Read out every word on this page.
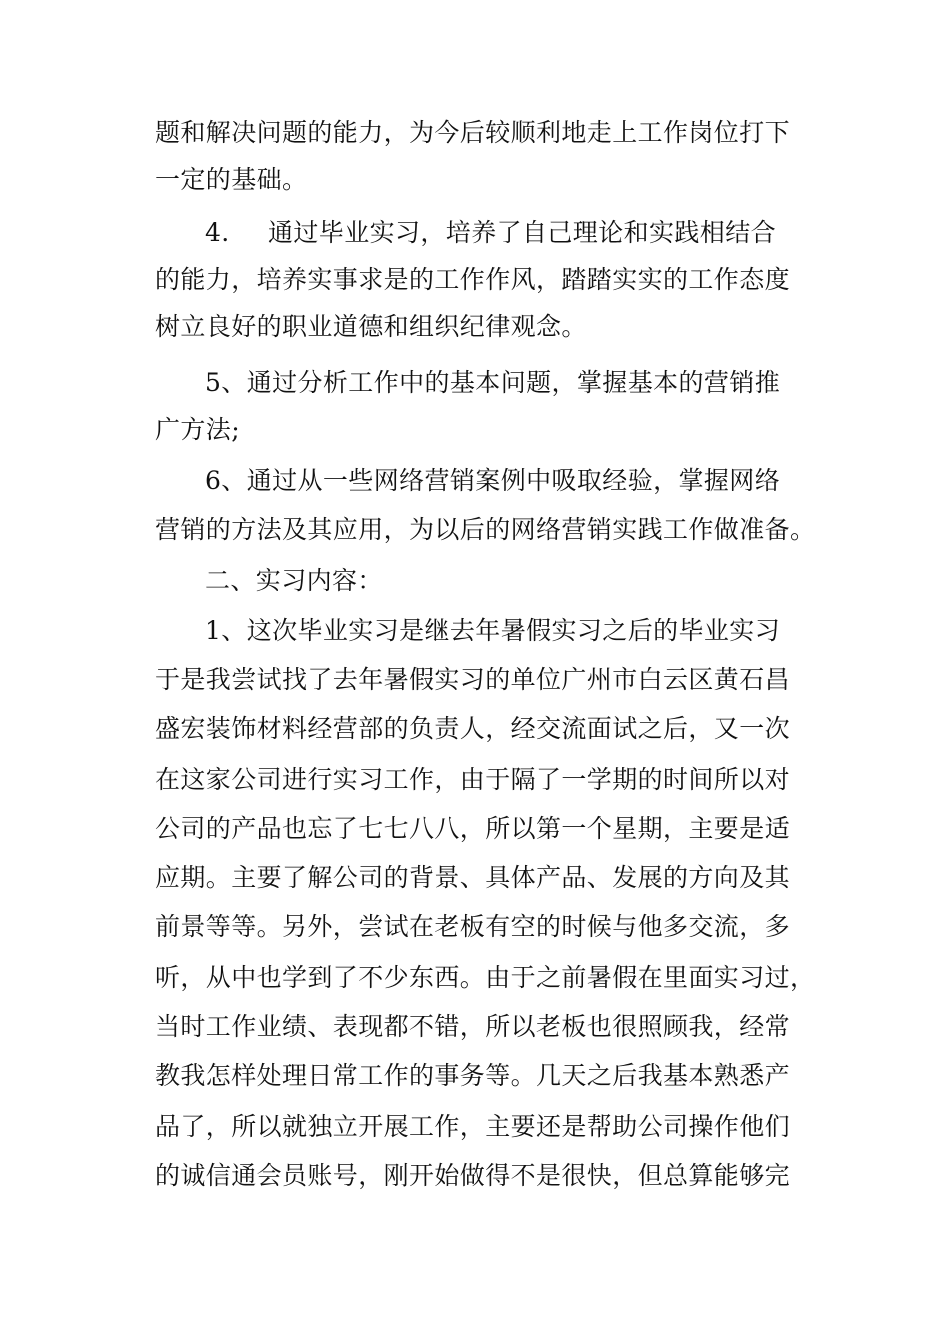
题和解决问题的能力，为今后较顺利地走上工作岗位打下
一定的基础。
4. 通过毕业实习，培养了自己理论和实践相结合
的能力，培养实事求是的工作作风，踏踏实实的工作态度
树立良好的职业道德和组织纪律观念。
5、通过分析工作中的基本问题，掌握基本的营销推
广方法;
6、通过从一些网络营销案例中吸取经验，掌握网络
营销的方法及其应用，为以后的网络营销实践工作做准备。
二、实习内容：
1、这次毕业实习是继去年暑假实习之后的毕业实习
于是我尝试找了去年暑假实习的单位广州市白云区黄石昌
盛宏装饰材料经营部的负责人，经交流面试之后，又一次
在这家公司进行实习工作，由于隔了一学期的时间所以对
公司的产品也忘了七七八八，所以第一个星期，主要是适
应期。主要了解公司的背景、具体产品、发展的方向及其
前景等等。另外，尝试在老板有空的时候与他多交流，多
听，从中也学到了不少东西。由于之前暑假在里面实习过，
当时工作业绩、表现都不错，所以老板也很照顾我，经常
教我怎样处理日常工作的事务等。几天之后我基本熟悉产
品了，所以就独立开展工作，主要还是帮助公司操作他们
的诚信通会员账号，刚开始做得不是很快，但总算能够完
